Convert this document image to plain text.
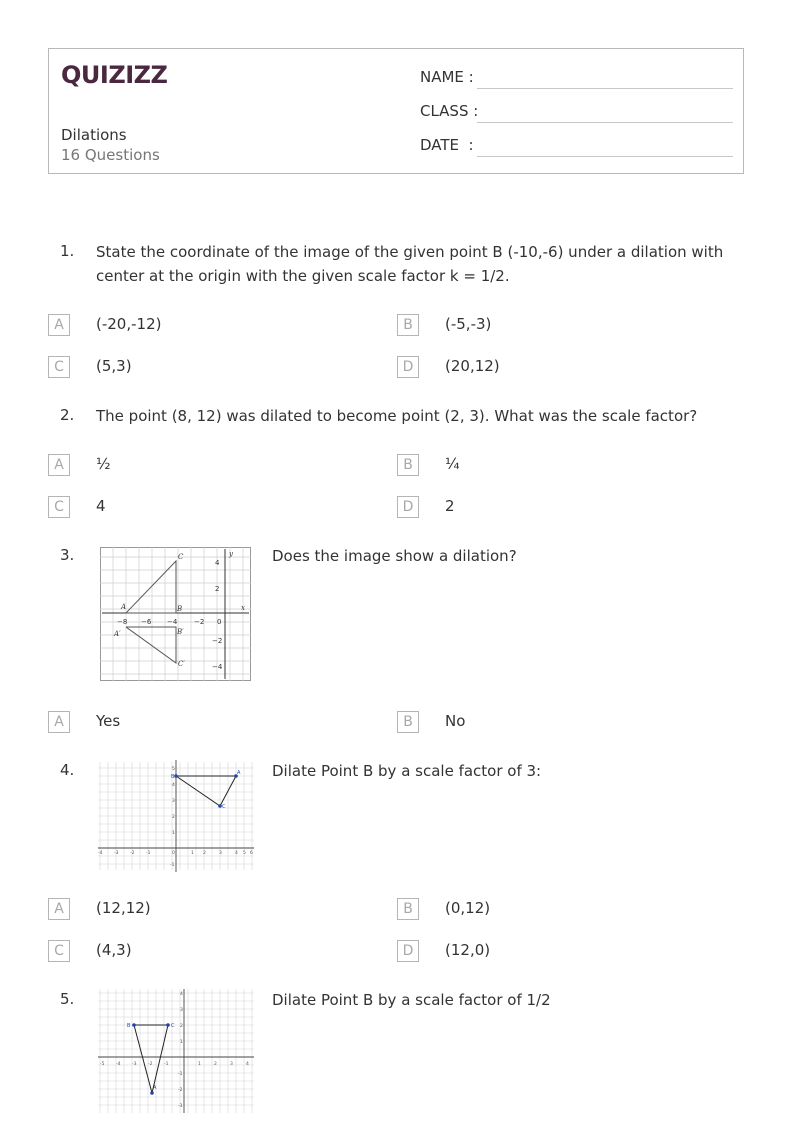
QUIZIZZ
Dilations
16 Questions
NAME :
CLASS :
DATE  :
1. State the coordinate of the image of the given point B (-10,-6) under a dilation with
center at the origin with the given scale factor k = 1/2.
A	(-20,-12)	B	(-5,-3)
C	(5,3)	D	(20,12)
2. The point (8, 12) was dilated to become point (2, 3). What was the scale factor?
A	½	B	¼
C	4	D	2
3.	Does the image show a dilation?
A	B
C
A′	B′
C′
x
y
−8 −6 −4 −2 0
4
2
−2
−4
A	Yes	B	No
4.	Dilate Point B by a scale factor of 3:
B
A
C
-4	-3	-2	-1	0	1 2	3	4 5 6
5
4
3
2
1
-1
A	(12,12)	B	(0,12)
C	(4,3)	D	(12,0)
5.	Dilate Point B by a scale factor of 1/2
B	C
A
-5	-4	-3	-2	-1	1	2	3	4
4
3
2
1
-1
-2
-3
